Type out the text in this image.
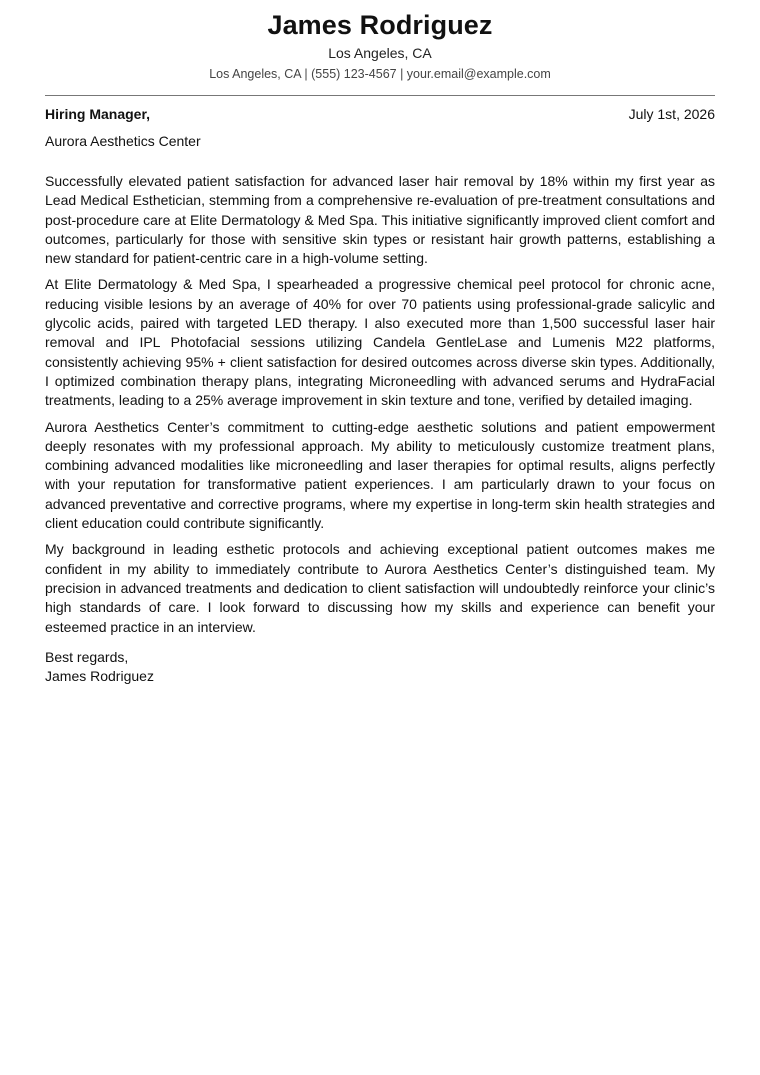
James Rodriguez
Los Angeles, CA
Los Angeles, CA | (555) 123-4567 | your.email@example.com
Hiring Manager,	July 1st, 2026
Aurora Aesthetics Center

Successfully elevated patient satisfaction for advanced laser hair removal by 18% within my first year as Lead Medical Esthetician, stemming from a comprehensive re-evaluation of pre-treatment consultations and post-procedure care at Elite Dermatology & Med Spa. This initiative significantly improved client comfort and outcomes, particularly for those with sensitive skin types or resistant hair growth patterns, establishing a new standard for patient-centric care in a high-volume setting.

At Elite Dermatology & Med Spa, I spearheaded a progressive chemical peel protocol for chronic acne, reducing visible lesions by an average of 40% for over 70 patients using professional-grade salicylic and glycolic acids, paired with targeted LED therapy. I also executed more than 1,500 successful laser hair removal and IPL Photofacial sessions utilizing Candela GentleLase and Lumenis M22 platforms, consistently achieving 95% + client satisfaction for desired outcomes across diverse skin types. Additionally, I optimized combination therapy plans, integrating Microneedling with advanced serums and HydraFacial treatments, leading to a 25% average improvement in skin texture and tone, verified by detailed imaging.

Aurora Aesthetics Center’s commitment to cutting-edge aesthetic solutions and patient empowerment deeply resonates with my professional approach. My ability to meticulously customize treatment plans, combining advanced modalities like microneedling and laser therapies for optimal results, aligns perfectly with your reputation for transformative patient experiences. I am particularly drawn to your focus on advanced preventative and corrective programs, where my expertise in long-term skin health strategies and client education could contribute significantly.

My background in leading esthetic protocols and achieving exceptional patient outcomes makes me confident in my ability to immediately contribute to Aurora Aesthetics Center’s distinguished team. My precision in advanced treatments and dedication to client satisfaction will undoubtedly reinforce your clinic’s high standards of care. I look forward to discussing how my skills and experience can benefit your esteemed practice in an interview.

Best regards,
James Rodriguez
